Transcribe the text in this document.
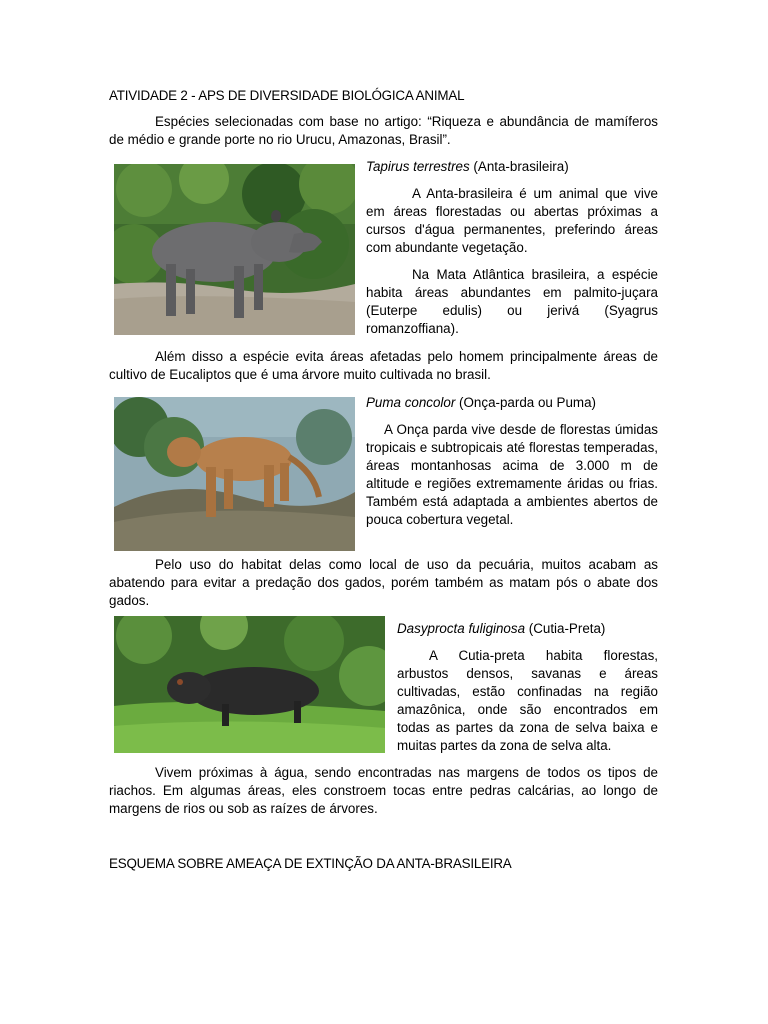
ATIVIDADE 2 - APS DE DIVERSIDADE BIOLÓGICA ANIMAL

Espécies selecionadas com base no artigo: “Riqueza e abundância de mamíferos de médio e grande porte no rio Urucu, Amazonas, Brasil”.

Tapirus terrestres (Anta-brasileira)

A Anta-brasileira é um animal que vive em áreas florestadas ou abertas próximas a cursos d'água permanentes, preferindo áreas com abundante vegetação.

Na Mata Atlântica brasileira, a espécie habita áreas abundantes em palmito-juçara (Euterpe edulis) ou jerivá (Syagrus romanzoffiana).

Além disso a espécie evita áreas afetadas pelo homem principalmente áreas de cultivo de Eucaliptos que é uma árvore muito cultivada no brasil.

Puma concolor (Onça-parda ou Puma)

A Onça parda vive desde de florestas úmidas tropicais e subtropicais até florestas temperadas, áreas montanhosas acima de 3.000 m de altitude e regiões extremamente áridas ou frias. Também está adaptada a ambientes abertos de pouca cobertura vegetal.

Pelo uso do habitat delas como local de uso da pecuária, muitos acabam as abatendo para evitar a predação dos gados, porém também as matam pós o abate dos gados.

Dasyprocta fuliginosa (Cutia-Preta)

A Cutia-preta habita florestas, arbustos densos, savanas e áreas cultivadas, estão confinadas na região amazônica, onde são encontrados em todas as partes da zona de selva baixa e muitas partes da zona de selva alta.

Vivem próximas à água, sendo encontradas nas margens de todos os tipos de riachos. Em algumas áreas, eles constroem tocas entre pedras calcárias, ao longo de margens de rios ou sob as raízes de árvores.

ESQUEMA SOBRE AMEAÇA DE EXTINÇÃO DA ANTA-BRASILEIRA
